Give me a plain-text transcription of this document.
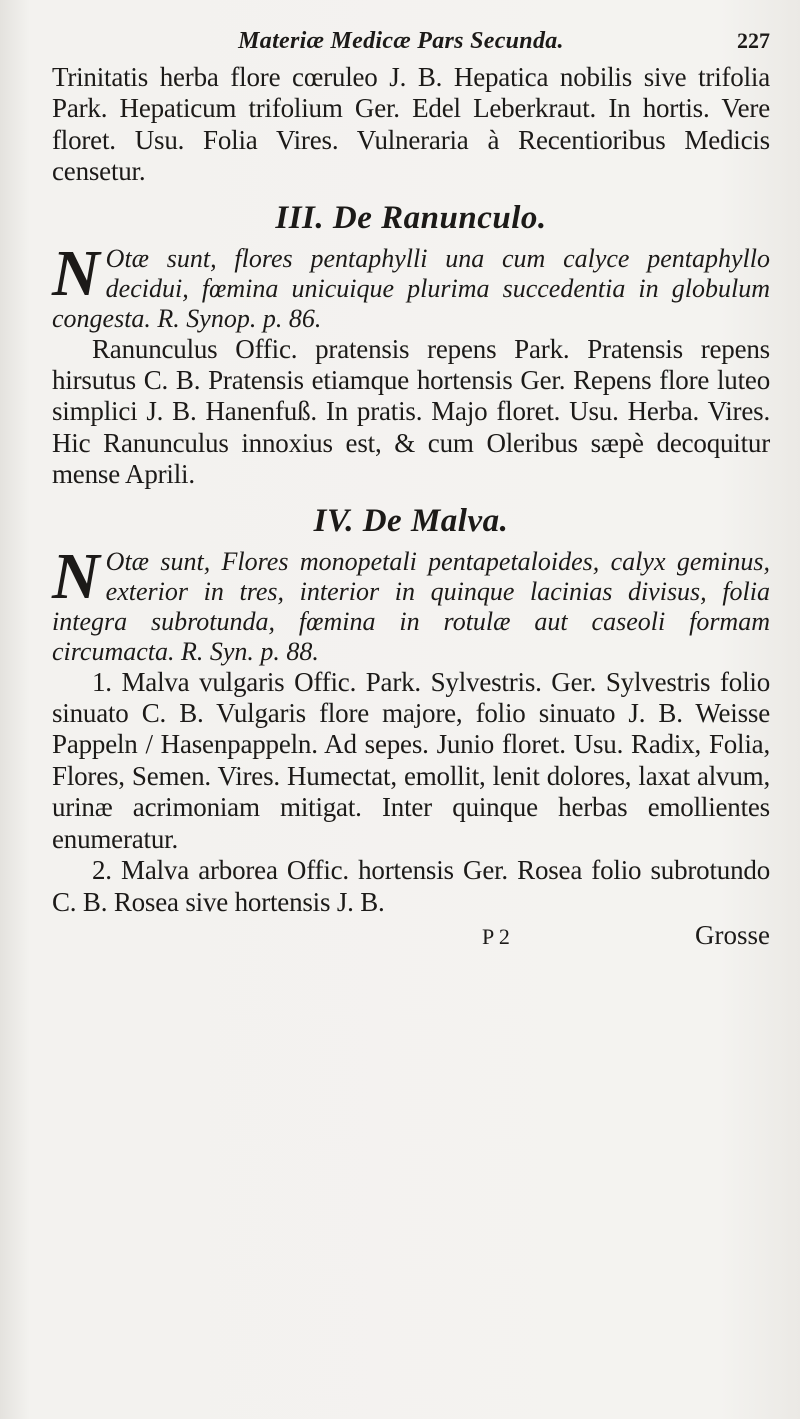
Materiæ Medicæ Pars Secunda.	227

Trinitatis herba flore cœruleo J. B. Hepatica nobilis sive trifolia Park. Hepaticum trifolium Ger. Edel Leberkraut. In hortis. Vere floret. Usu. Folia Vires. Vulneraria à Recentioribus Medicis censetur.

III. De Ranunculo.

N Otæ sunt, flores pentaphylli una cum calyce pentaphyllo decidui, fœmina unicuique plurima succedentia in globulum congesta. R. Synop. p. 86.

Ranunculus Offic. pratensis repens Park. Pratensis repens hirsutus C. B. Pratensis etiamque hortensis Ger. Repens flore luteo simplici J. B. Hanenfuß. In pratis. Majo floret. Usu. Herba. Vires. Hic Ranunculus innoxius est, & cum Oleribus sæpè decoquitur mense Aprili.

IV. De Malva.

N Otæ sunt, Flores monopetali pentapetaloides, calyx geminus, exterior in tres, interior in quinque lacinias divisus, folia integra subrotunda, fœmina in rotulæ aut caseoli formam circumacta. R. Syn. p. 88.

1. Malva vulgaris Offic. Park. Sylvestris. Ger. Sylvestris folio sinuato C. B. Vulgaris flore majore, folio sinuato J. B. Weisse Pappeln / Hasenpappeln. Ad sepes. Junio floret. Usu. Radix, Folia, Flores, Semen. Vires. Humectat, emollit, lenit dolores, laxat alvum, urinæ acrimoniam mitigat. Inter quinque herbas emollientes enumeratur.

2. Malva arborea Offic. hortensis Ger. Rosea folio subrotundo C. B. Rosea sive hortensis J. B.

P 2	Grosse
